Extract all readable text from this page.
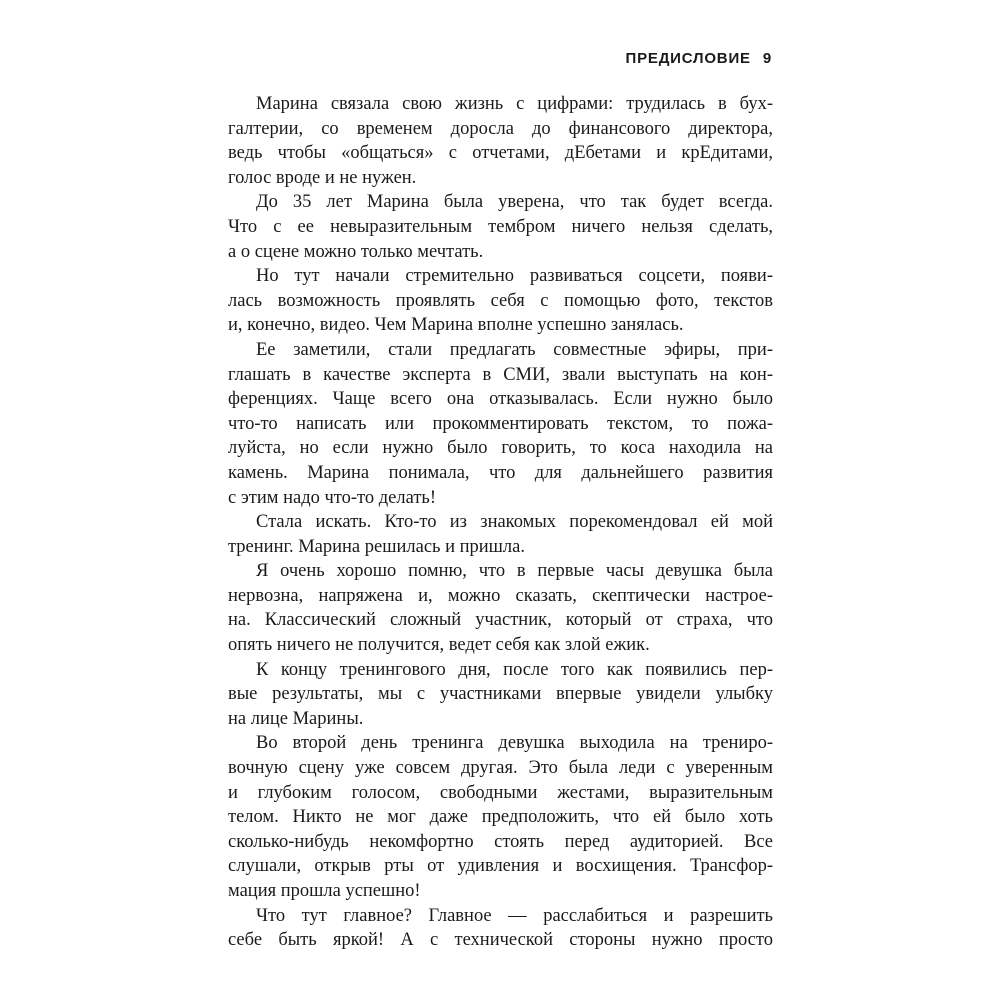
ПРЕДИСЛОВИЕ 9
Марина связала свою жизнь с цифрами: трудилась в бух-
галтерии, со временем доросла до финансового директора,
ведь чтобы «общаться» с отчетами, дЕбетами и крЕдитами,
голос вроде и не нужен.
До 35 лет Марина была уверена, что так будет всегда.
Что с ее невыразительным тембром ничего нельзя сделать,
а о сцене можно только мечтать.
Но тут начали стремительно развиваться соцсети, появи-
лась возможность проявлять себя с помощью фото, текстов
и, конечно, видео. Чем Марина вполне успешно занялась.
Ее заметили, стали предлагать совместные эфиры, при-
глашать в качестве эксперта в СМИ, звали выступать на кон-
ференциях. Чаще всего она отказывалась. Если нужно было
что-то написать или прокомментировать текстом, то пожа-
луйста, но если нужно было говорить, то коса находила на
камень. Марина понимала, что для дальнейшего развития
с этим надо что-то делать!
Стала искать. Кто-то из знакомых порекомендовал ей мой
тренинг. Марина решилась и пришла.
Я очень хорошо помню, что в первые часы девушка была
нервозна, напряжена и, можно сказать, скептически настрое-
на. Классический сложный участник, который от страха, что
опять ничего не получится, ведет себя как злой ежик.
К концу тренингового дня, после того как появились пер-
вые результаты, мы с участниками впервые увидели улыбку
на лице Марины.
Во второй день тренинга девушка выходила на трениро-
вочную сцену уже совсем другая. Это была леди с уверенным
и глубоким голосом, свободными жестами, выразительным
телом. Никто не мог даже предположить, что ей было хоть
сколько-нибудь некомфортно стоять перед аудиторией. Все
слушали, открыв рты от удивления и восхищения. Трансфор-
мация прошла успешно!
Что тут главное? Главное — расслабиться и разрешить
себе быть яркой! А с технической стороны нужно просто
